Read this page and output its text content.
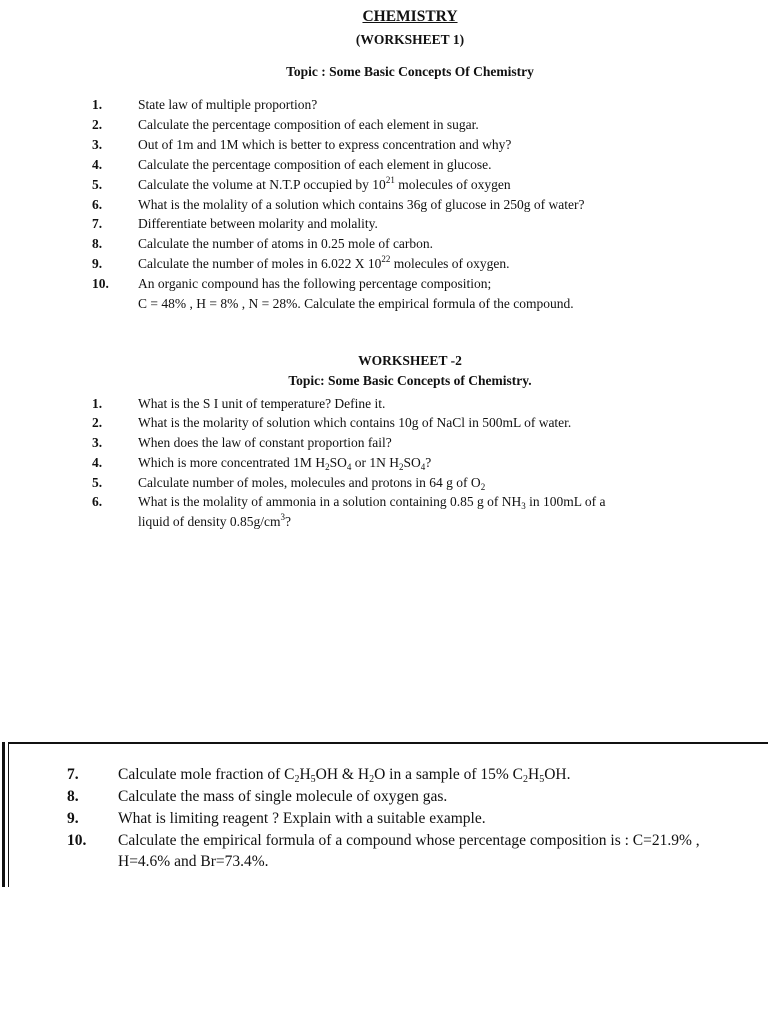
CHEMISTRY
(WORKSHEET 1)
Topic : Some Basic Concepts Of Chemistry
1.	State law of multiple proportion?
2.	Calculate the percentage composition of each element in sugar.
3.	Out of 1m and 1M which is better to express concentration and why?
4.	Calculate the percentage composition of each element in glucose.
5.	Calculate the volume at N.T.P occupied by $10^{21}$ molecules of oxygen
6.	What is the molality of a solution which contains 36g of glucose in 250g of water?
7.	Differentiate between molarity and molality.
8.	Calculate the number of atoms in 0.25 mole of carbon.
9.	Calculate the number of moles in 6.022 X $10^{22}$ molecules of oxygen.
10.	An organic compound has the following percentage composition;
C = 48% , H = 8% , N = 28%. Calculate the empirical formula of the compound.
WORKSHEET -2
Topic: Some Basic Concepts of Chemistry.
1.	What is the S I unit of temperature? Define it.
2.	What is the molarity of solution which contains 10g of NaCl in 500mL of water.
3.	When does the law of constant proportion fail?
4.	Which is more concentrated 1M $H_2SO_4$ or 1N $H_2SO_4$?
5.	Calculate number of moles, molecules and protons in 64 g of $O_2$
6.	What is the molality of ammonia in a solution containing 0.85 g of $NH_3$ in 100mL of a
liquid of density $0.85g/cm^3$?
7.	Calculate mole fraction of $C_2H_5OH$ & $H_2O$ in a sample of 15% $C_2H_5OH$.
8.	Calculate the mass of single molecule of oxygen gas.
9.	What is limiting reagent ? Explain with a suitable example.
10.	Calculate the empirical formula of a compound whose percentage composition is : C=21.9% ,
H=4.6% and Br=73.4%.
